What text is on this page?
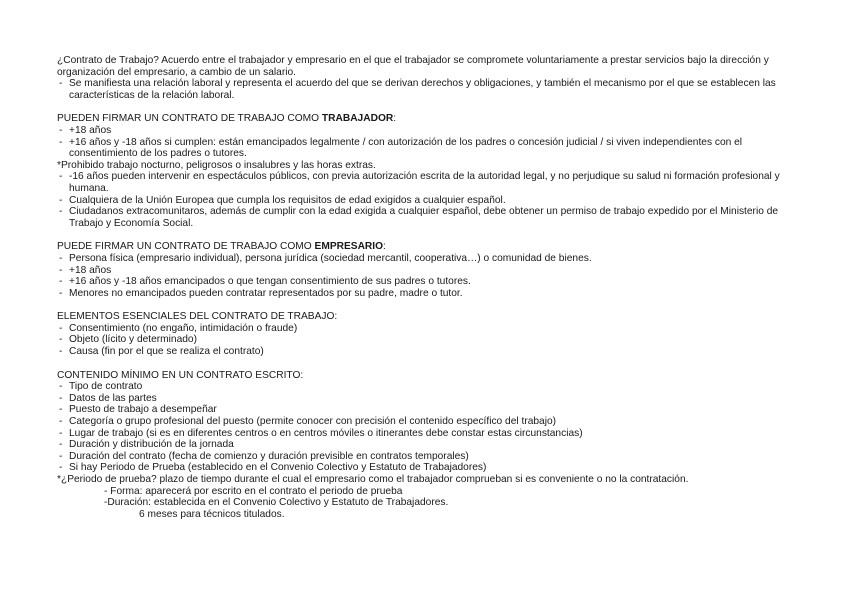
¿Contrato de Trabajo? Acuerdo entre el trabajador y empresario en el que el trabajador se compromete voluntariamente a prestar servicios bajo la dirección y organización del empresario, a cambio de un salario.

- Se manifiesta una relación laboral y representa el acuerdo del que se derivan derechos y obligaciones, y también el mecanismo por el que se establecen las características de la relación laboral.

PUEDEN FIRMAR UN CONTRATO DE TRABAJO COMO TRABAJADOR:

- +18 años

- +16 años y -18 años si cumplen: están emancipados legalmente / con autorización de los padres o concesión judicial / si viven independientes con el consentimiento de los padres o tutores.

*Prohibido trabajo nocturno, peligrosos o insalubres y las horas extras.

- -16 años pueden intervenir en espectáculos públicos, con previa autorización escrita de la autoridad legal, y no perjudique su salud ni formación profesional y humana.

- Cualquiera de la Unión Europea que cumpla los requisitos de edad exigidos a cualquier español.

- Ciudadanos extracomunitaros, además de cumplir con la edad exigida a cualquier español, debe obtener un permiso de trabajo expedido por el Ministerio de Trabajo y Economía Social.

PUEDE FIRMAR UN CONTRATO DE TRABAJO COMO EMPRESARIO:

- Persona física (empresario individual), persona jurídica (sociedad mercantil, cooperativa…) o comunidad de bienes.

- +18 años

- +16 años y -18 años emancipados o que tengan consentimiento de sus padres o tutores.

- Menores no emancipados pueden contratar representados por su padre, madre o tutor.

ELEMENTOS ESENCIALES DEL CONTRATO DE TRABAJO:

- Consentimiento (no engaño, intimidación o fraude)

- Objeto (lícito y determinado)

- Causa (fin por el que se realiza el contrato)

CONTENIDO MÍNIMO EN UN CONTRATO ESCRITO:

- Tipo de contrato

- Datos de las partes

- Puesto de trabajo a desempeñar

- Categoría o grupo profesional del puesto (permite conocer con precisión el contenido específico del trabajo)

- Lugar de trabajo (si es en diferentes centros o en centros móviles o itinerantes debe constar estas circunstancias)

- Duración y distribución de la jornada

- Duración del contrato (fecha de comienzo y duración previsible en contratos temporales)

- Si hay Periodo de Prueba (establecido en el Convenio Colectivo y Estatuto de Trabajadores)

*¿Periodo de prueba? plazo de tiempo durante el cual el empresario como el trabajador comprueban si es conveniente o no la contratación.

- Forma: aparecerá por escrito en el contrato el periodo de prueba

-Duración: establecida en el Convenio Colectivo y Estatuto de Trabajadores.

6 meses para técnicos titulados.
